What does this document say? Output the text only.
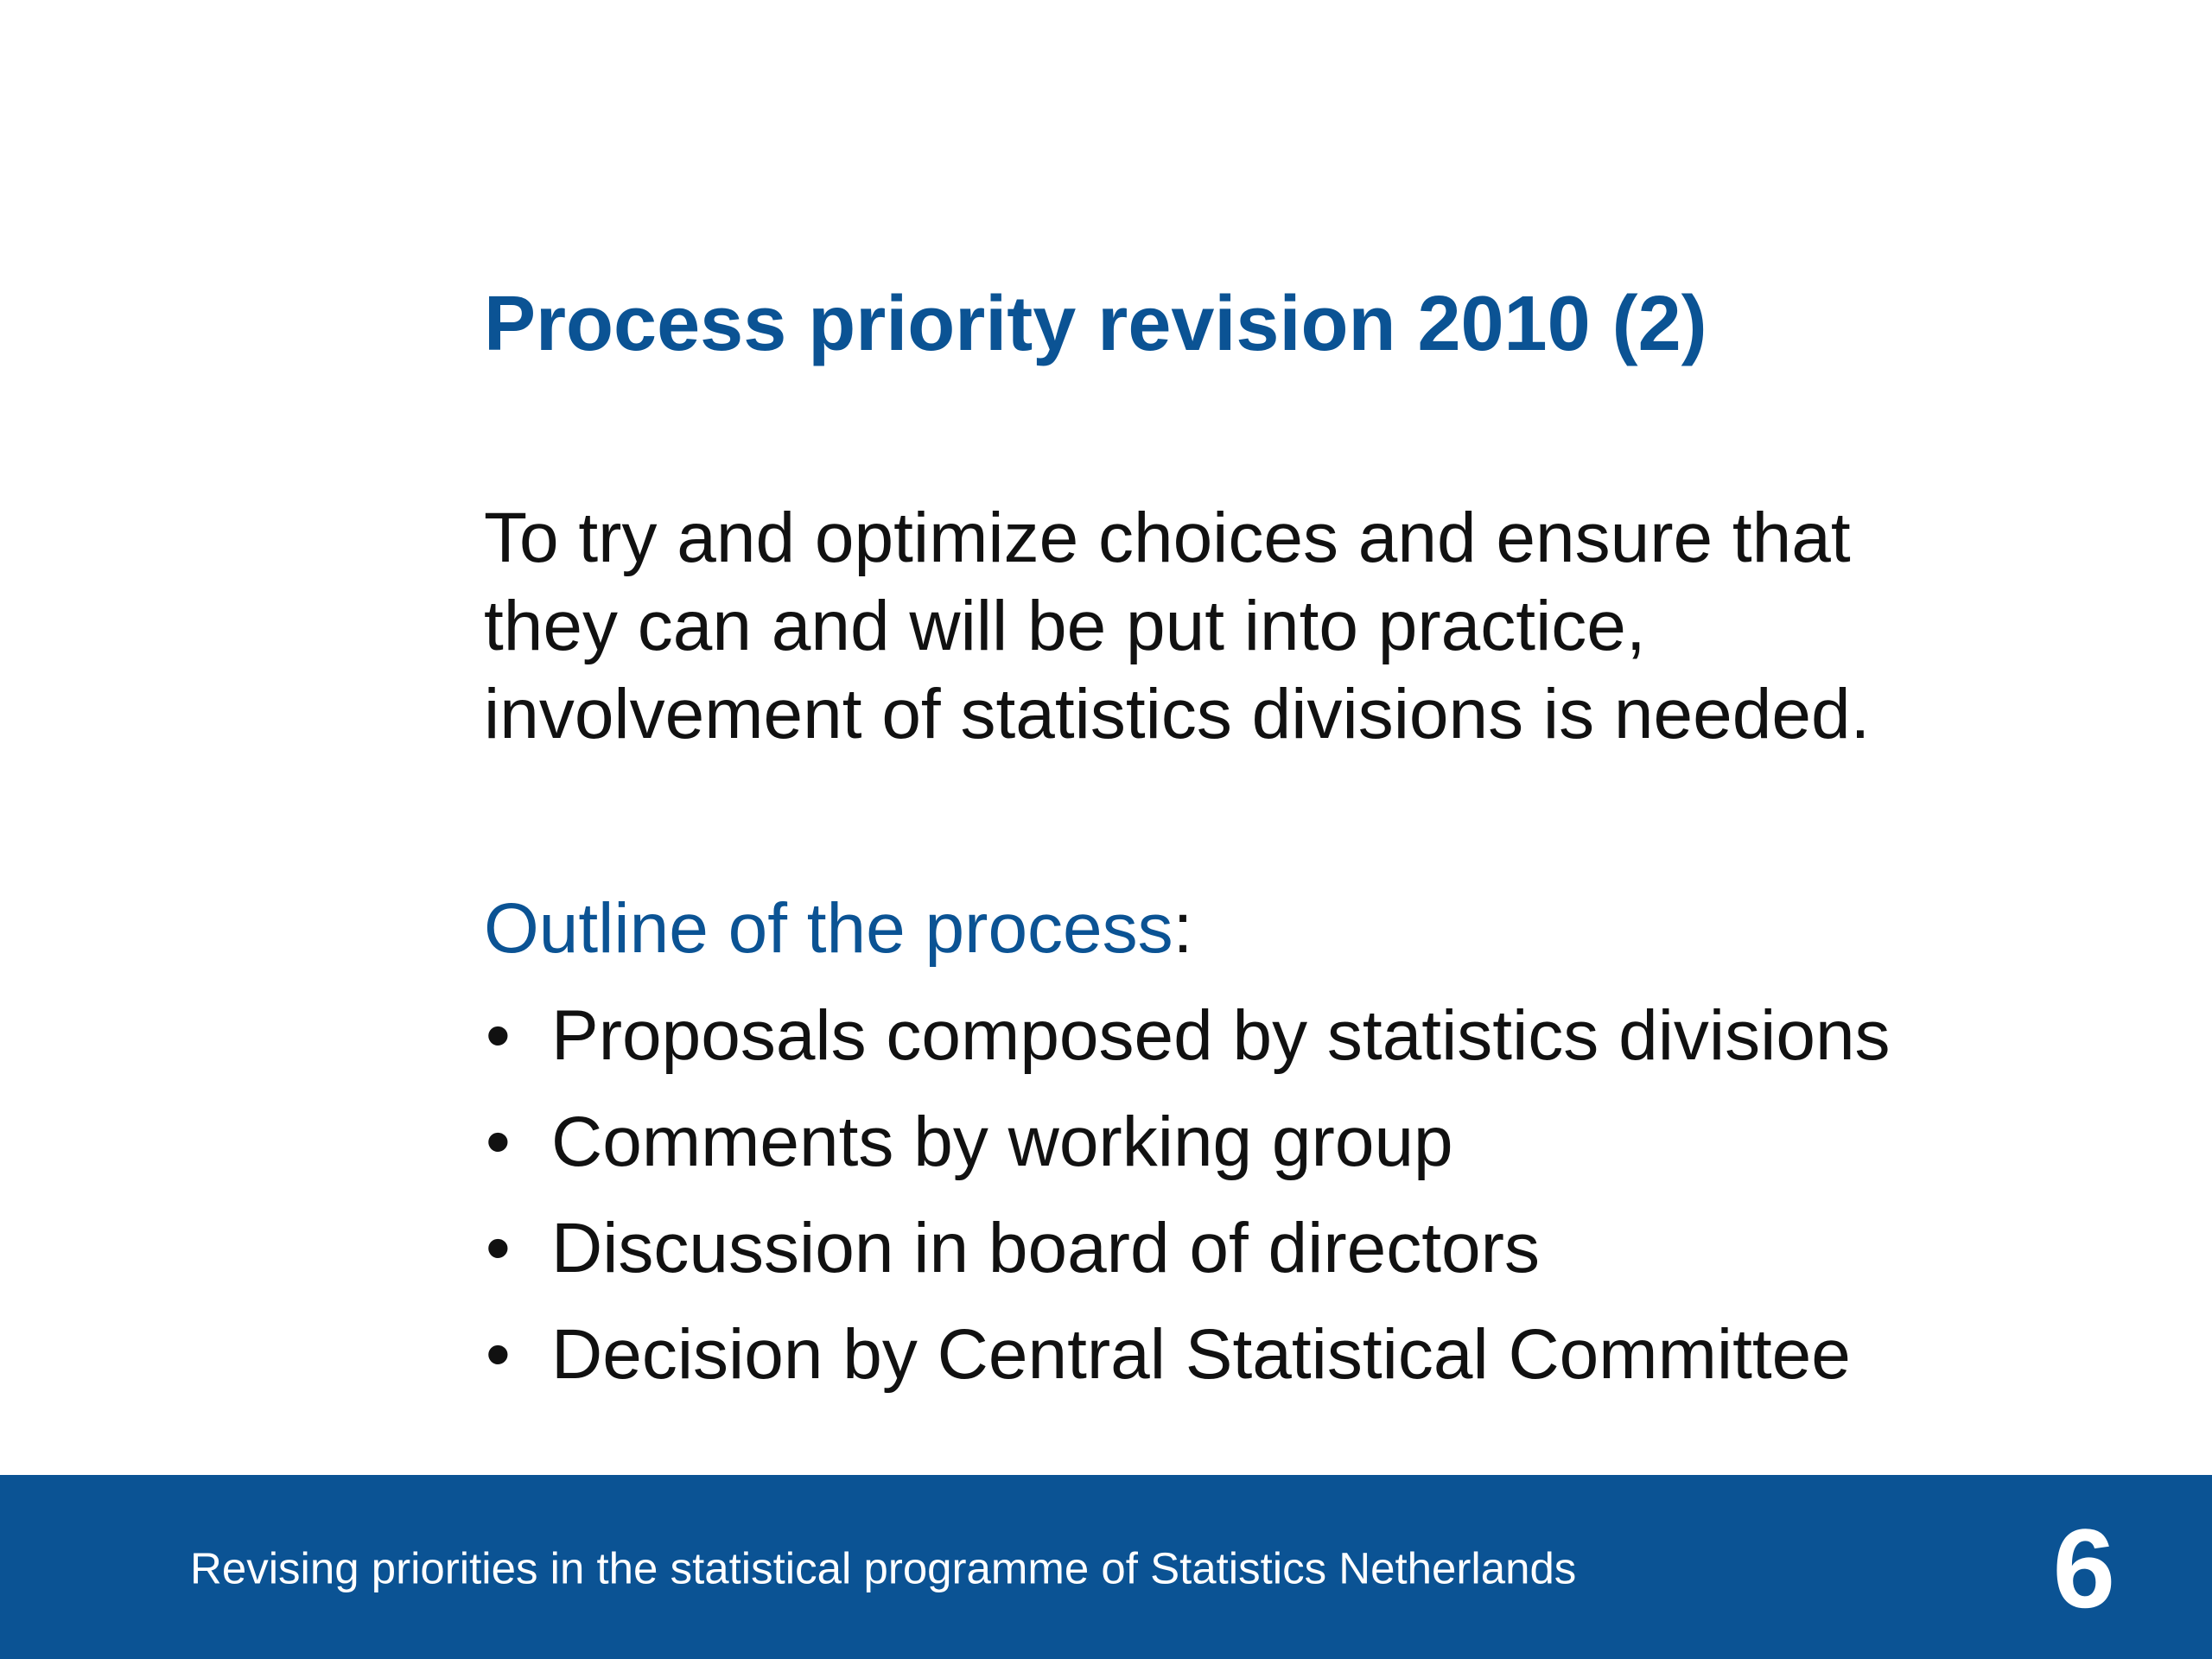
Process priority revision 2010 (2)
To try and optimize choices and ensure that
they can and will be put into practice,
involvement of statistics divisions is needed.
Outline of the process:
• Proposals composed by statistics divisions
• Comments by working group
• Discussion in board of directors
• Decision by Central Statistical Committee
Revising priorities in the statistical programme of Statistics Netherlands	6
